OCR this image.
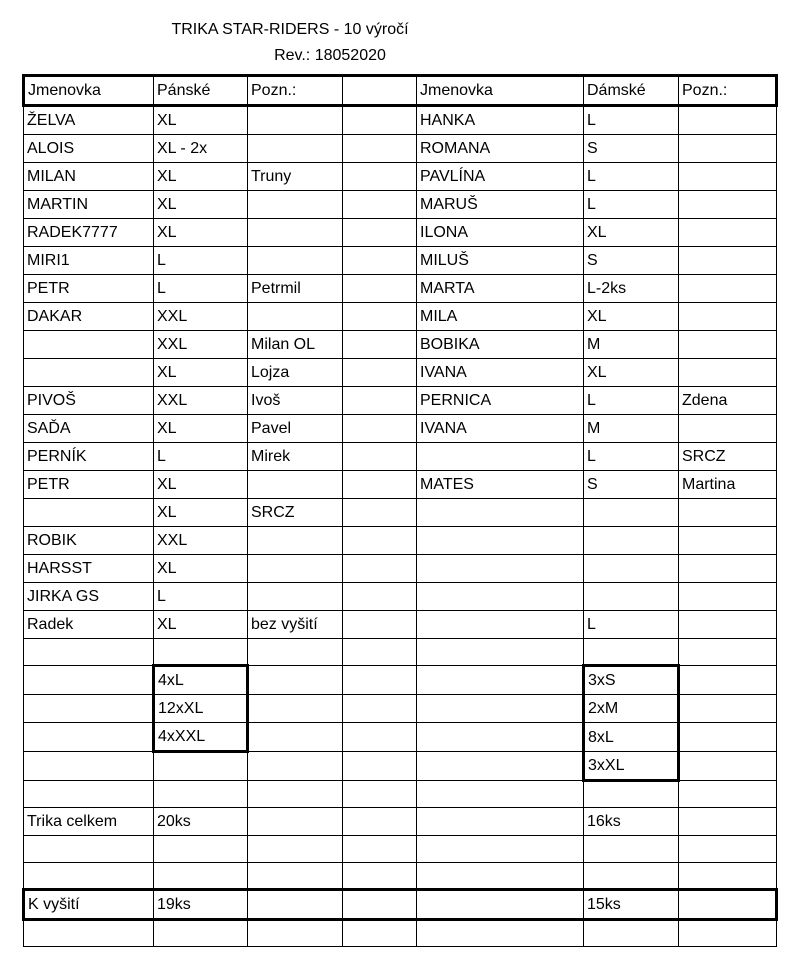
TRIKA STAR-RIDERS - 10 výročí
Rev.: 18052020
Jmenovka	Pánské	Pozn.:		Jmenovka	Dámské	Pozn.:
ŽELVA	XL			HANKA	L	
ALOIS	XL - 2x			ROMANA	S	
MILAN	XL	Truny		PAVLÍNA	L	
MARTIN	XL			MARUŠ	L	
RADEK7777	XL			ILONA	XL	
MIRI1	L			MILUŠ	S	
PETR	L	Petrmil		MARTA	L-2ks	
DAKAR	XXL			MILA	XL	
	XXL	Milan OL		BOBIKA	M	
	XL	Lojza		IVANA	XL	
PIVOŠ	XXL	Ivoš		PERNICA	L	Zdena
SAĎA	XL	Pavel		IVANA	M	
PERNÍK	L	Mirek			L	SRCZ
PETR	XL			MATES	S	Martina
	XL	SRCZ				
ROBIK	XXL					
HARSST	XL					
JIRKA GS	L					
Radek	XL	bez vyšití			L	

	4xL				3xS	
	12xXL				2xM	
	4xXXL				8xL	
					3xXL	

Trika celkem	20ks				16ks	

K vyšití	19ks				15ks	
